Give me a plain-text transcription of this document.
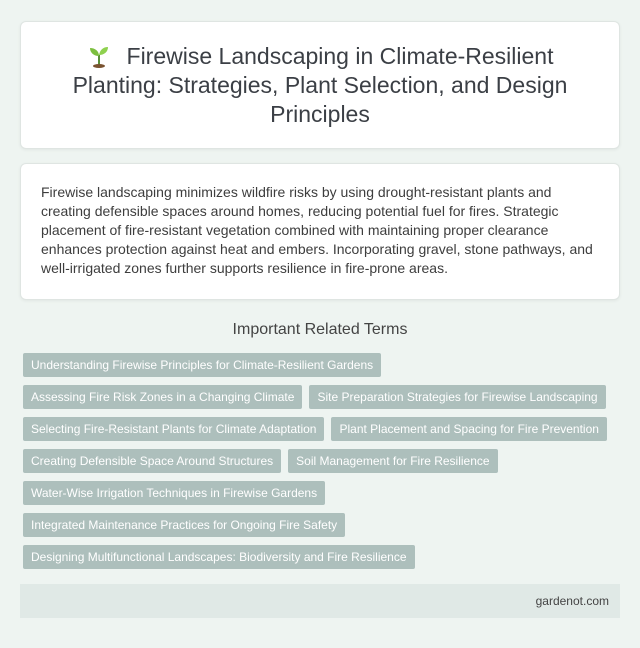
Firewise Landscaping in Climate-Resilient Planting: Strategies, Plant Selection, and Design Principles

Firewise landscaping minimizes wildfire risks by using drought-resistant plants and creating defensible spaces around homes, reducing potential fuel for fires. Strategic placement of fire-resistant vegetation combined with maintaining proper clearance enhances protection against heat and embers. Incorporating gravel, stone pathways, and well-irrigated zones further supports resilience in fire-prone areas.

Important Related Terms
Understanding Firewise Principles for Climate-Resilient Gardens
Assessing Fire Risk Zones in a Changing Climate	Site Preparation Strategies for Firewise Landscaping
Selecting Fire-Resistant Plants for Climate Adaptation	Plant Placement and Spacing for Fire Prevention
Creating Defensible Space Around Structures	Soil Management for Fire Resilience
Water-Wise Irrigation Techniques in Firewise Gardens
Integrated Maintenance Practices for Ongoing Fire Safety
Designing Multifunctional Landscapes: Biodiversity and Fire Resilience
gardenot.com
